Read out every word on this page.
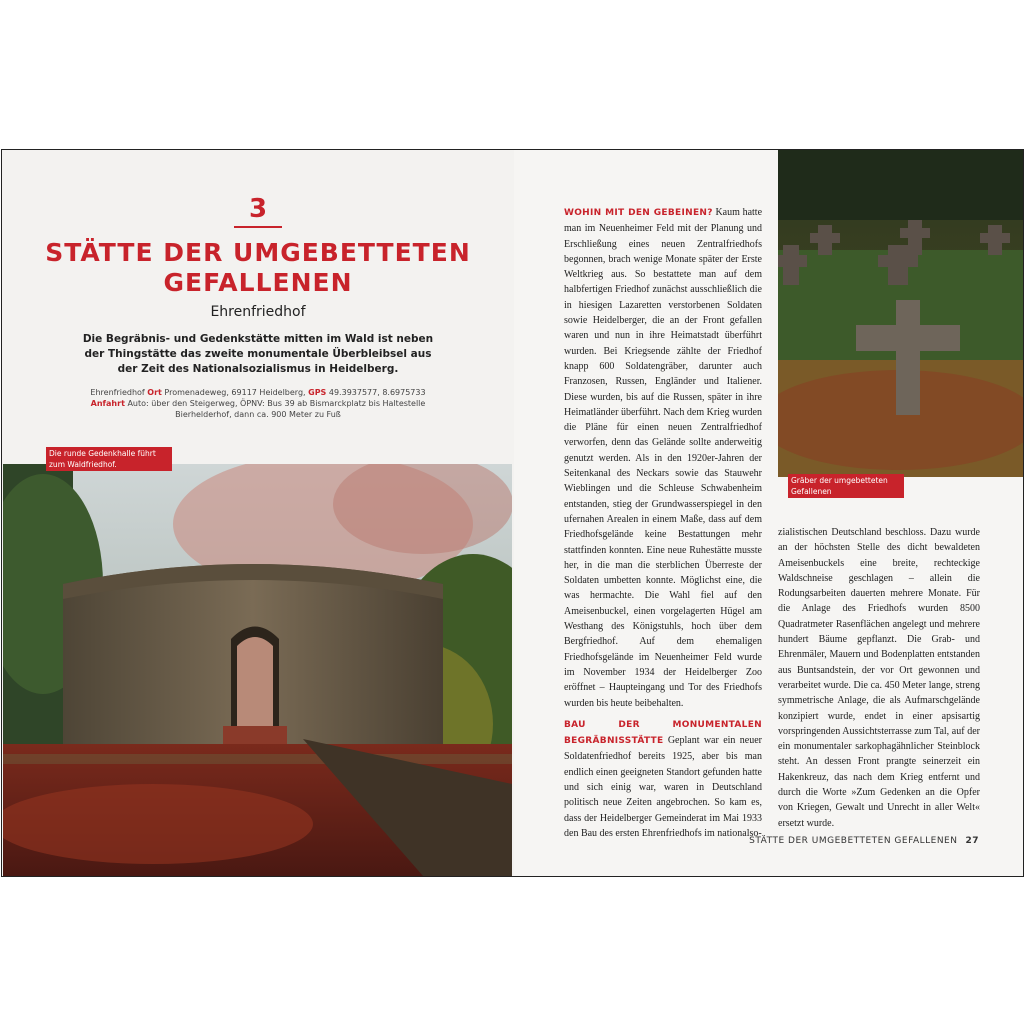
3
STÄTTE DER UMGEBETTETEN
GEFALLENEN
Ehrenfriedhof
Die Begräbnis- und Gedenkstätte mitten im Wald ist neben der Thingstätte das zweite monumentale Überbleibsel aus der Zeit des Nationalsozialismus in Heidelberg.
Ehrenfriedhof Ort Promenadeweg, 69117 Heidelberg, GPS 49.3937577, 8.6975733
Anfahrt Auto: über den Steigerweg, ÖPNV: Bus 39 ab Bismarckplatz bis Haltestelle Bierhelderhof, dann ca. 900 Meter zu Fuß
Die runde Gedenkhalle führt zum Waldfriedhof.
Gräber der umgebetteten Gefallenen

WOHIN MIT DEN GEBEINEN? Kaum hatte man im Neuenheimer Feld mit der Planung und Erschließung eines neuen Zentralfriedhofs begonnen, brach wenige Monate später der Erste Weltkrieg aus. So bestattete man auf dem halbfertigen Friedhof zunächst ausschließlich die in hiesigen Lazaretten verstorbenen Soldaten sowie Heidelberger, die an der Front gefallen waren und nun in ihre Heimatstadt überführt wurden. Bei Kriegsende zählte der Friedhof knapp 600 Soldatengräber, darunter auch Franzosen, Russen, Engländer und Italiener. Diese wurden, bis auf die Russen, später in ihre Heimatländer überführt. Nach dem Krieg wurden die Pläne für einen neuen Zentralfriedhof verworfen, denn das Gelände sollte anderweitig genutzt werden. Als in den 1920er-Jahren der Seitenkanal des Neckars sowie das Stauwehr Wieblingen und die Schleuse Schwabenheim entstanden, stieg der Grundwasserspiegel in den ufernahen Arealen in einem Maße, dass auf dem Friedhofsgelände keine Bestattungen mehr stattfinden konnten. Eine neue Ruhestätte musste her, in die man die sterblichen Überreste der Soldaten umbetten konnte. Möglichst eine, die was hermachte. Die Wahl fiel auf den Ameisenbuckel, einen vorgelagerten Hügel am Westhang des Königstuhls, hoch über dem Bergfriedhof. Auf dem ehemaligen Friedhofsgelände im Neuenheimer Feld wurde im November 1934 der Heidelberger Zoo eröffnet – Haupteingang und Tor des Friedhofs wurden bis heute beibehalten.

BAU DER MONUMENTALEN BEGRÄBNISSTÄTTE Geplant war ein neuer Soldatenfriedhof bereits 1925, aber bis man endlich einen geeigneten Standort gefunden hatte und sich einig war, waren in Deutschland politisch neue Zeiten angebrochen. So kam es, dass der Heidelberger Gemeinderat im Mai 1933 den Bau des ersten Ehrenfriedhofs im nationalso-

zialistischen Deutschland beschloss. Dazu wurde an der höchsten Stelle des dicht bewaldeten Ameisenbuckels eine breite, rechteckige Waldschneise geschlagen – allein die Rodungsarbeiten dauerten mehrere Monate. Für die Anlage des Friedhofs wurden 8500 Quadratmeter Rasenflächen angelegt und mehrere hundert Bäume gepflanzt. Die Grab- und Ehrenmäler, Mauern und Bodenplatten entstanden aus Buntsandstein, der vor Ort gewonnen und verarbeitet wurde. Die ca. 450 Meter lange, streng symmetrische Anlage, die als Aufmarschgelände konzipiert wurde, endet in einer apsisartig vorspringenden Aussichtsterrasse zum Tal, auf der ein monumentaler sarkophagähnlicher Steinblock steht. An dessen Front prangte seinerzeit ein Hakenkreuz, das nach dem Krieg entfernt und durch die Worte »Zum Gedenken an die Opfer von Kriegen, Gewalt und Unrecht in aller Welt« ersetzt wurde.

STÄTTE DER UMGEBETTETEN GEFALLENEN 27
